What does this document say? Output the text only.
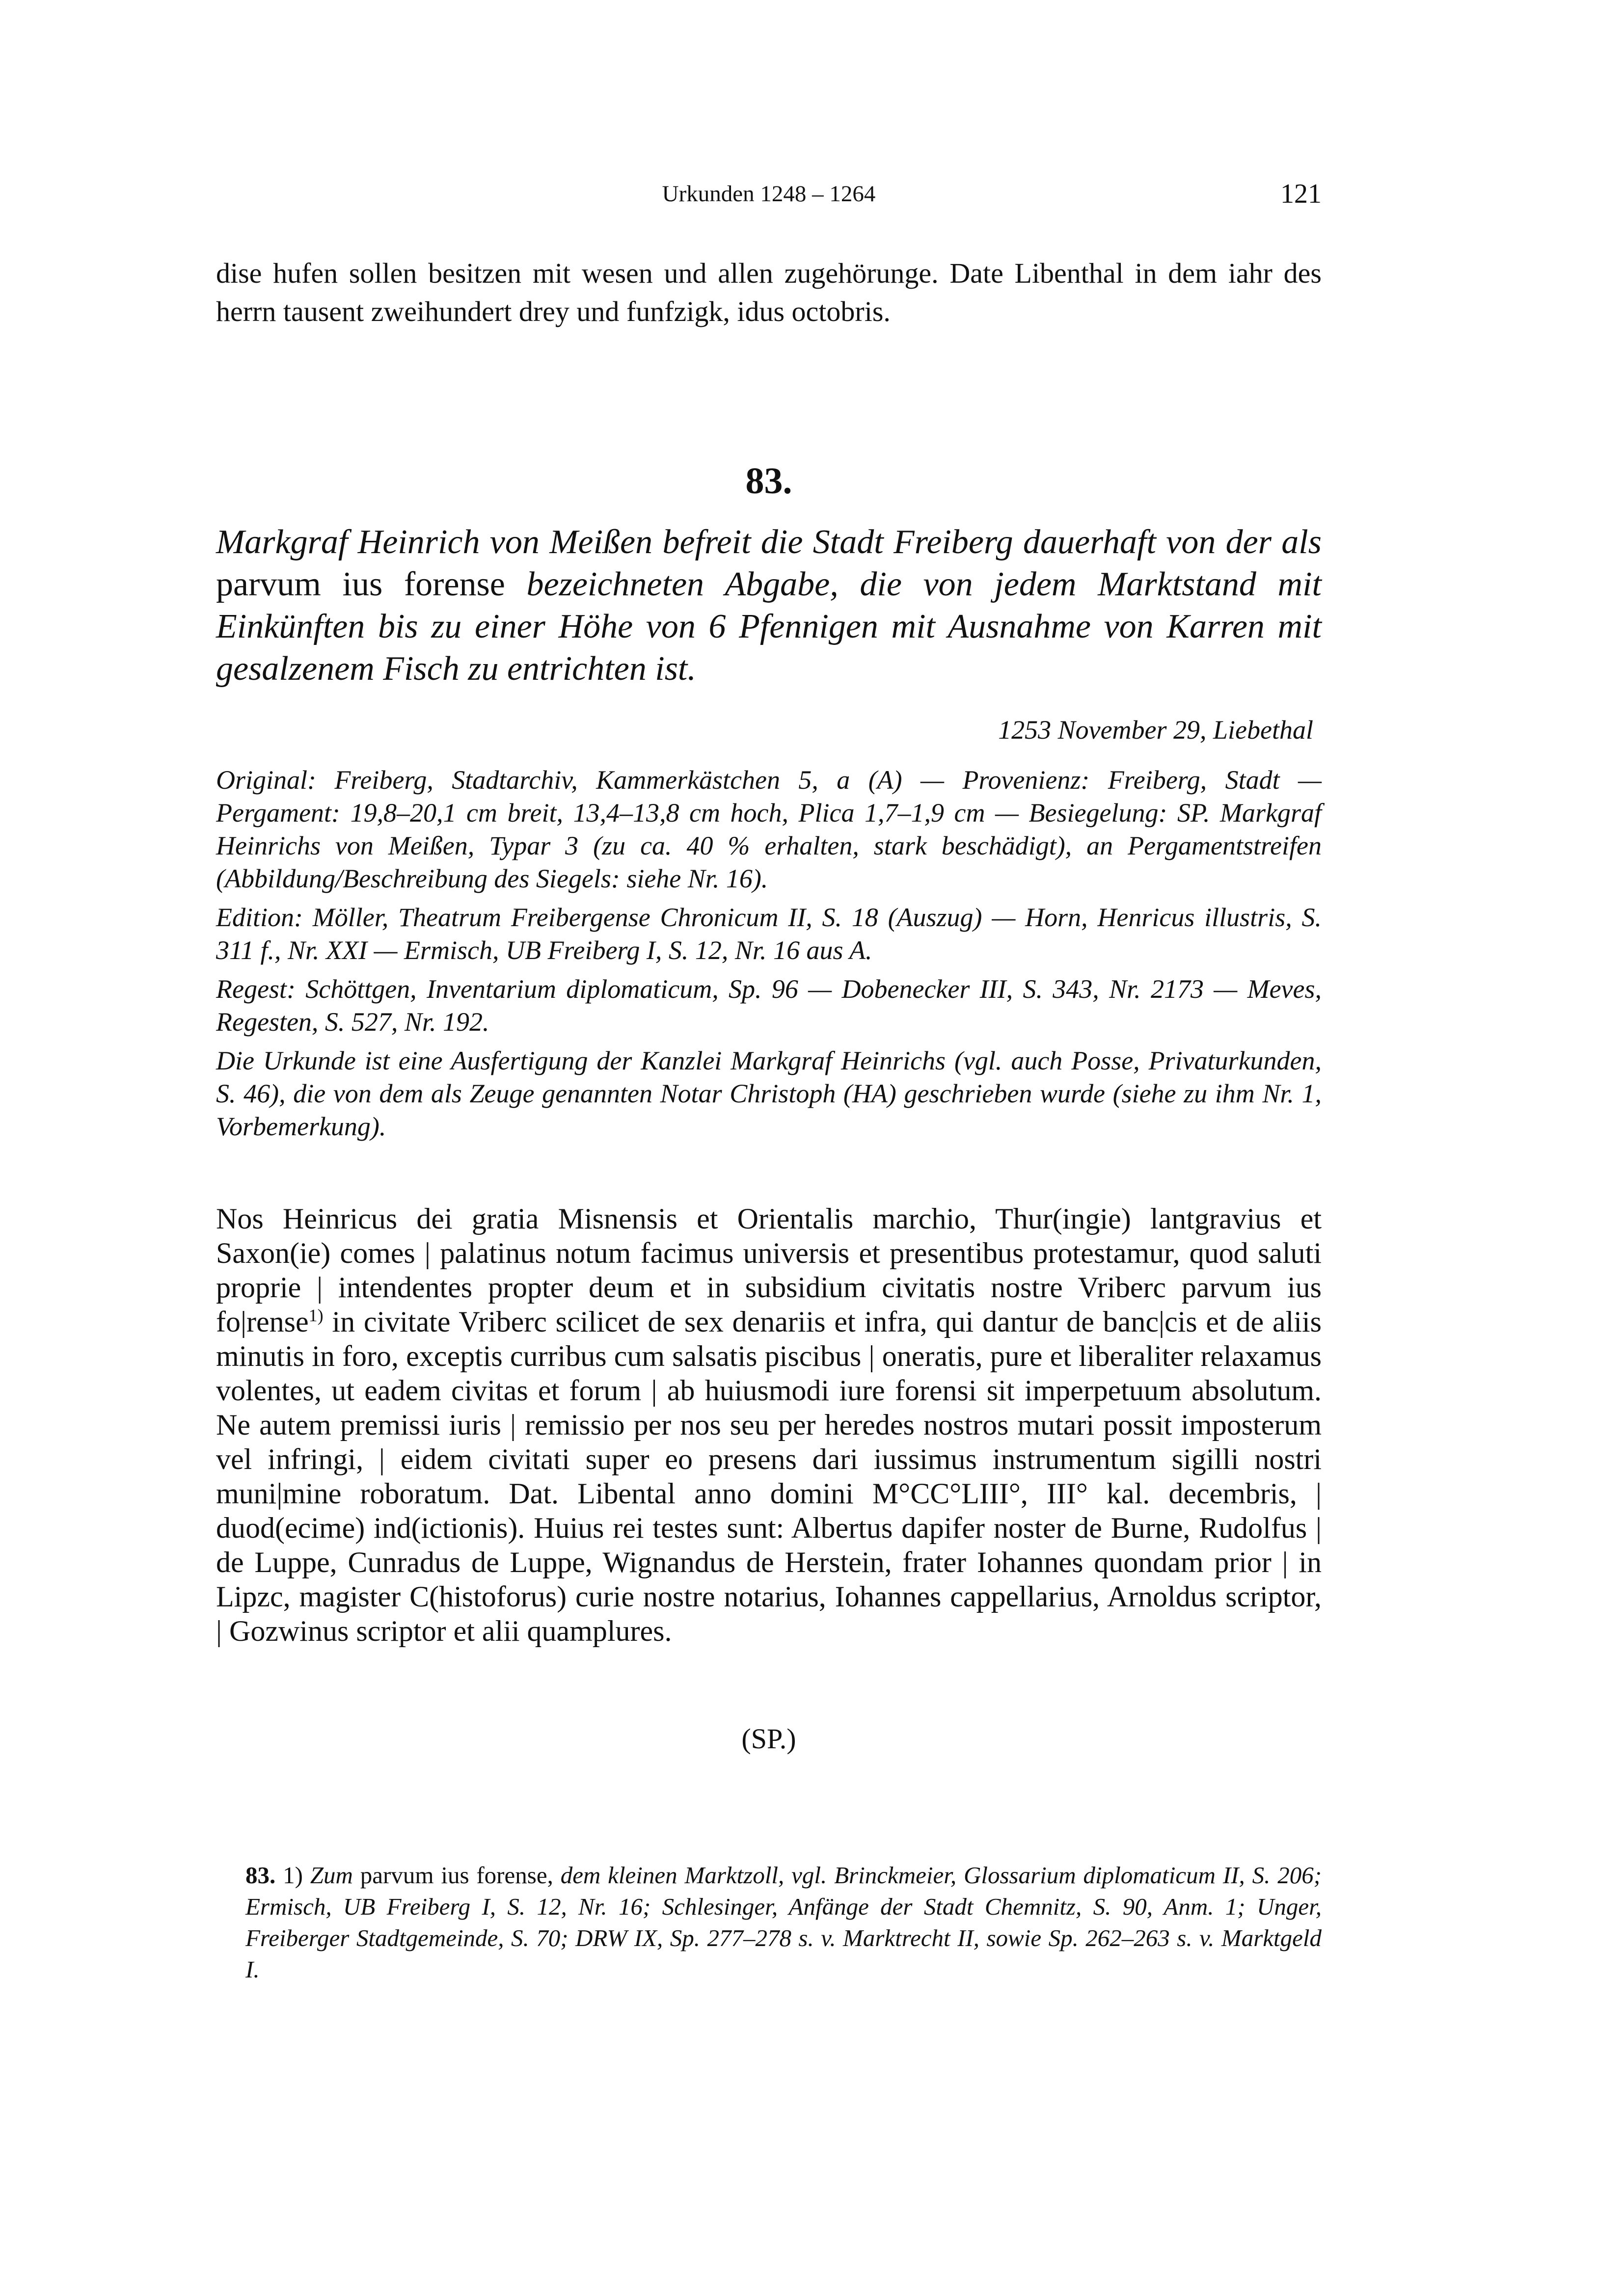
Urkunden 1248 – 1264	121

dise hufen sollen besitzen mit wesen und allen zugehörunge. Date Libenthal in dem iahr des herrn tausent zweihundert drey und funfzigk, idus octobris.

83.

Markgraf Heinrich von Meißen befreit die Stadt Freiberg dauerhaft von der als parvum ius forense bezeichneten Abgabe, die von jedem Marktstand mit Einkünften bis zu einer Höhe von 6 Pfennigen mit Ausnahme von Karren mit gesalzenem Fisch zu entrichten ist.

1253 November 29, Liebethal

Original: Freiberg, Stadtarchiv, Kammerkästchen 5, a (A) — Provenienz: Freiberg, Stadt — Pergament: 19,8–20,1 cm breit, 13,4–13,8 cm hoch, Plica 1,7–1,9 cm — Besiegelung: SP. Markgraf Heinrichs von Meißen, Typar 3 (zu ca. 40 % erhalten, stark beschädigt), an Pergamentstreifen (Abbildung/Beschreibung des Siegels: siehe Nr. 16).

Edition: Möller, Theatrum Freibergense Chronicum II, S. 18 (Auszug) — Horn, Henricus illustris, S. 311 f., Nr. XXI — Ermisch, UB Freiberg I, S. 12, Nr. 16 aus A.

Regest: Schöttgen, Inventarium diplomaticum, Sp. 96 — Dobenecker III, S. 343, Nr. 2173 — Meves, Regesten, S. 527, Nr. 192.

Die Urkunde ist eine Ausfertigung der Kanzlei Markgraf Heinrichs (vgl. auch Posse, Privaturkunden, S. 46), die von dem als Zeuge genannten Notar Christoph (HA) geschrieben wurde (siehe zu ihm Nr. 1, Vorbemerkung).

Nos Heinricus dei gratia Misnensis et Orientalis marchio, Thur(ingie) lantgravius et Saxon(ie) comes | palatinus notum facimus universis et presentibus protestamur, quod saluti proprie | intendentes propter deum et in subsidium civitatis nostre Vriberc parvum ius fo|rense$^{1)}$ in civitate Vriberc scilicet de sex denariis et infra, qui dantur de banc|cis et de aliis minutis in foro, exceptis curribus cum salsatis piscibus | oneratis, pure et liberaliter relaxamus volentes, ut eadem civitas et forum | ab huiusmodi iure forensi sit imperpetuum absolutum. Ne autem premissi iuris | remissio per nos seu per heredes nostros mutari possit imposterum vel infringi, | eidem civitati super eo presens dari iussimus instrumentum sigilli nostri muni|mine roboratum. Dat. Libental anno domini M°CC°LIII°, III° kal. decembris, | duod(ecime) ind(ictionis). Huius rei testes sunt: Albertus dapifer noster de Burne, Rudolfus | de Luppe, Cunradus de Luppe, Wignandus de Herstein, frater Iohannes quondam prior | in Lipzc, magister C(histoforus) curie nostre notarius, Iohannes cappellarius, Arnoldus scriptor, | Gozwinus scriptor et alii quamplures.

(SP.)

83. 1) Zum parvum ius forense, dem kleinen Marktzoll, vgl. Brinckmeier, Glossarium diplomaticum II, S. 206; Ermisch, UB Freiberg I, S. 12, Nr. 16; Schlesinger, Anfänge der Stadt Chemnitz, S. 90, Anm. 1; Unger, Freiberger Stadtgemeinde, S. 70; DRW IX, Sp. 277–278 s. v. Marktrecht II, sowie Sp. 262–263 s. v. Marktgeld I.
